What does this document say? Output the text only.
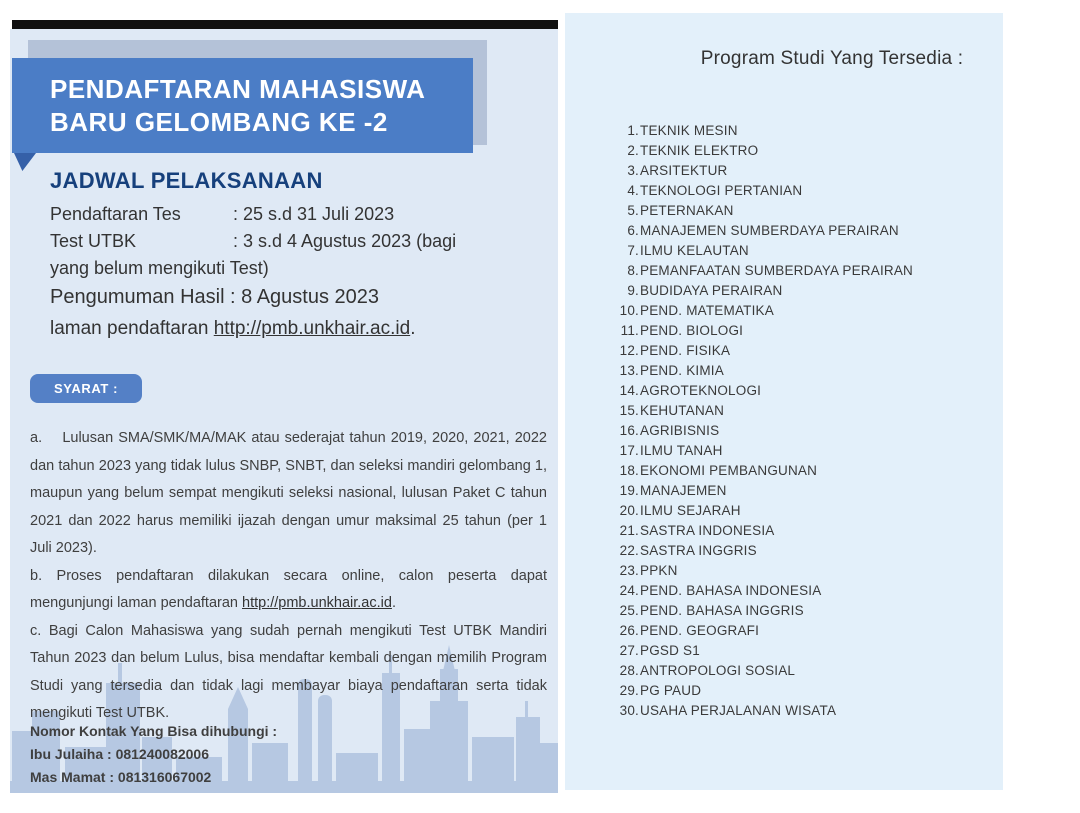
PENDAFTARAN MAHASISWA
BARU GELOMBANG KE -2
JADWAL PELAKSANAAN
Pendaftaran Tes	: 25 s.d 31 Juli 2023
Test UTBK	: 3 s.d 4 Agustus 2023 (bagi
yang belum mengikuti Test)
Pengumuman Hasil : 8 Agustus 2023
laman pendaftaran http://pmb.unkhair.ac.id.
SYARAT :

a.    Lulusan SMA/SMK/MA/MAK atau sederajat tahun 2019, 2020, 2021, 2022 dan tahun 2023 yang tidak lulus SNBP, SNBT, dan seleksi mandiri gelombang 1, maupun yang belum sempat mengikuti seleksi nasional, lulusan Paket C tahun 2021 dan 2022 harus memiliki ijazah dengan umur maksimal 25 tahun (per 1 Juli 2023).

b. Proses pendaftaran dilakukan secara online, calon peserta dapat mengunjungi laman pendaftaran http://pmb.unkhair.ac.id.

c. Bagi Calon Mahasiswa yang sudah pernah mengikuti Test UTBK Mandiri Tahun 2023 dan belum Lulus, bisa mendaftar kembali dengan memilih Program Studi yang tersedia dan tidak lagi membayar biaya pendaftaran serta tidak mengikuti Test UTBK.

Nomor Kontak Yang Bisa dihubungi :
Ibu Julaiha : 081240082006
Mas Mamat : 081316067002
Program Studi Yang Tersedia :
1. TEKNIK MESIN
2. TEKNIK ELEKTRO
3. ARSITEKTUR
4. TEKNOLOGI PERTANIAN
5. PETERNAKAN
6. MANAJEMEN SUMBERDAYA PERAIRAN
7. ILMU KELAUTAN
8. PEMANFAATAN SUMBERDAYA PERAIRAN
9. BUDIDAYA PERAIRAN
10. PEND. MATEMATIKA
11. PEND. BIOLOGI
12. PEND. FISIKA
13. PEND. KIMIA
14. AGROTEKNOLOGI
15. KEHUTANAN
16. AGRIBISNIS
17. ILMU TANAH
18. EKONOMI PEMBANGUNAN
19. MANAJEMEN
20. ILMU SEJARAH
21. SASTRA INDONESIA
22. SASTRA INGGRIS
23. PPKN
24. PEND. BAHASA INDONESIA
25. PEND. BAHASA INGGRIS
26. PEND. GEOGRAFI
27. PGSD S1
28. ANTROPOLOGI SOSIAL
29. PG PAUD
30. USAHA PERJALANAN WISATA
